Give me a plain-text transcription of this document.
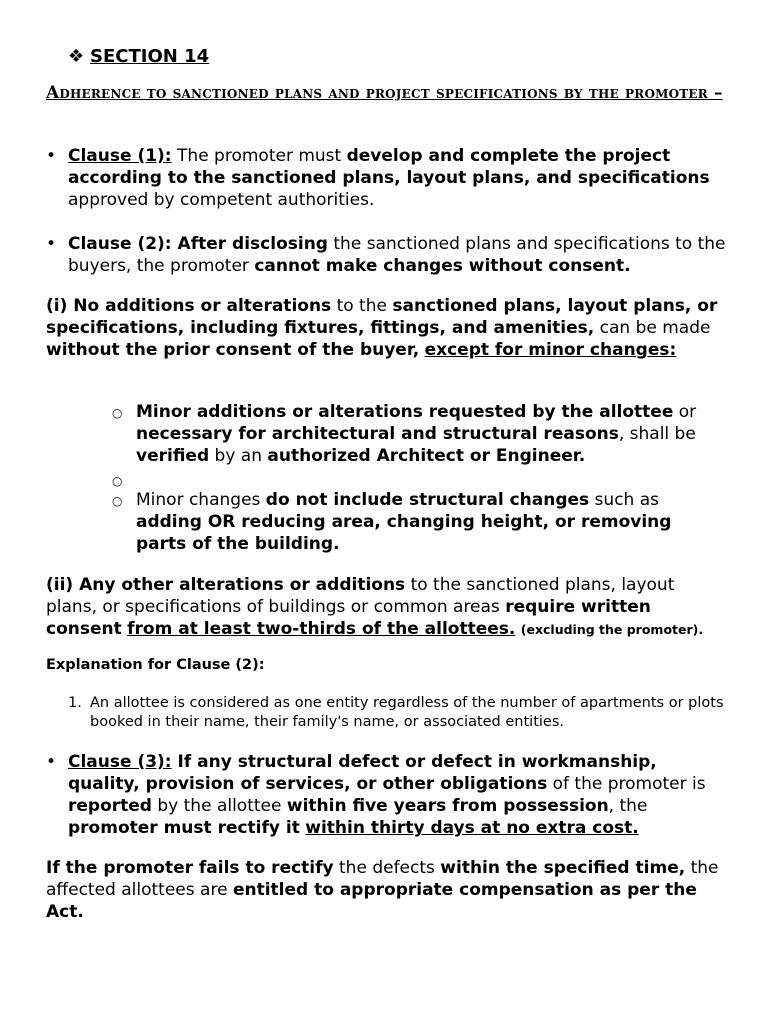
❖ SECTION 14
Adherence to sanctioned plans and project specifications by the promoter –
• Clause (1): The promoter must develop and complete the project according to the sanctioned plans, layout plans, and specifications approved by competent authorities.
• Clause (2): After disclosing the sanctioned plans and specifications to the buyers, the promoter cannot make changes without consent.
(i) No additions or alterations to the sanctioned plans, layout plans, or specifications, including fixtures, fittings, and amenities, can be made without the prior consent of the buyer, except for minor changes:
○ Minor additions or alterations requested by the allottee or necessary for architectural and structural reasons, shall be verified by an authorized Architect or Engineer.
○
○ Minor changes do not include structural changes such as adding OR reducing area, changing height, or removing parts of the building.
(ii) Any other alterations or additions to the sanctioned plans, layout plans, or specifications of buildings or common areas require written consent from at least two-thirds of the allottees. (excluding the promoter).
Explanation for Clause (2):
1. An allottee is considered as one entity regardless of the number of apartments or plots booked in their name, their family's name, or associated entities.
• Clause (3): If any structural defect or defect in workmanship, quality, provision of services, or other obligations of the promoter is reported by the allottee within five years from possession, the promoter must rectify it within thirty days at no extra cost.
If the promoter fails to rectify the defects within the specified time, the affected allottees are entitled to appropriate compensation as per the Act.
